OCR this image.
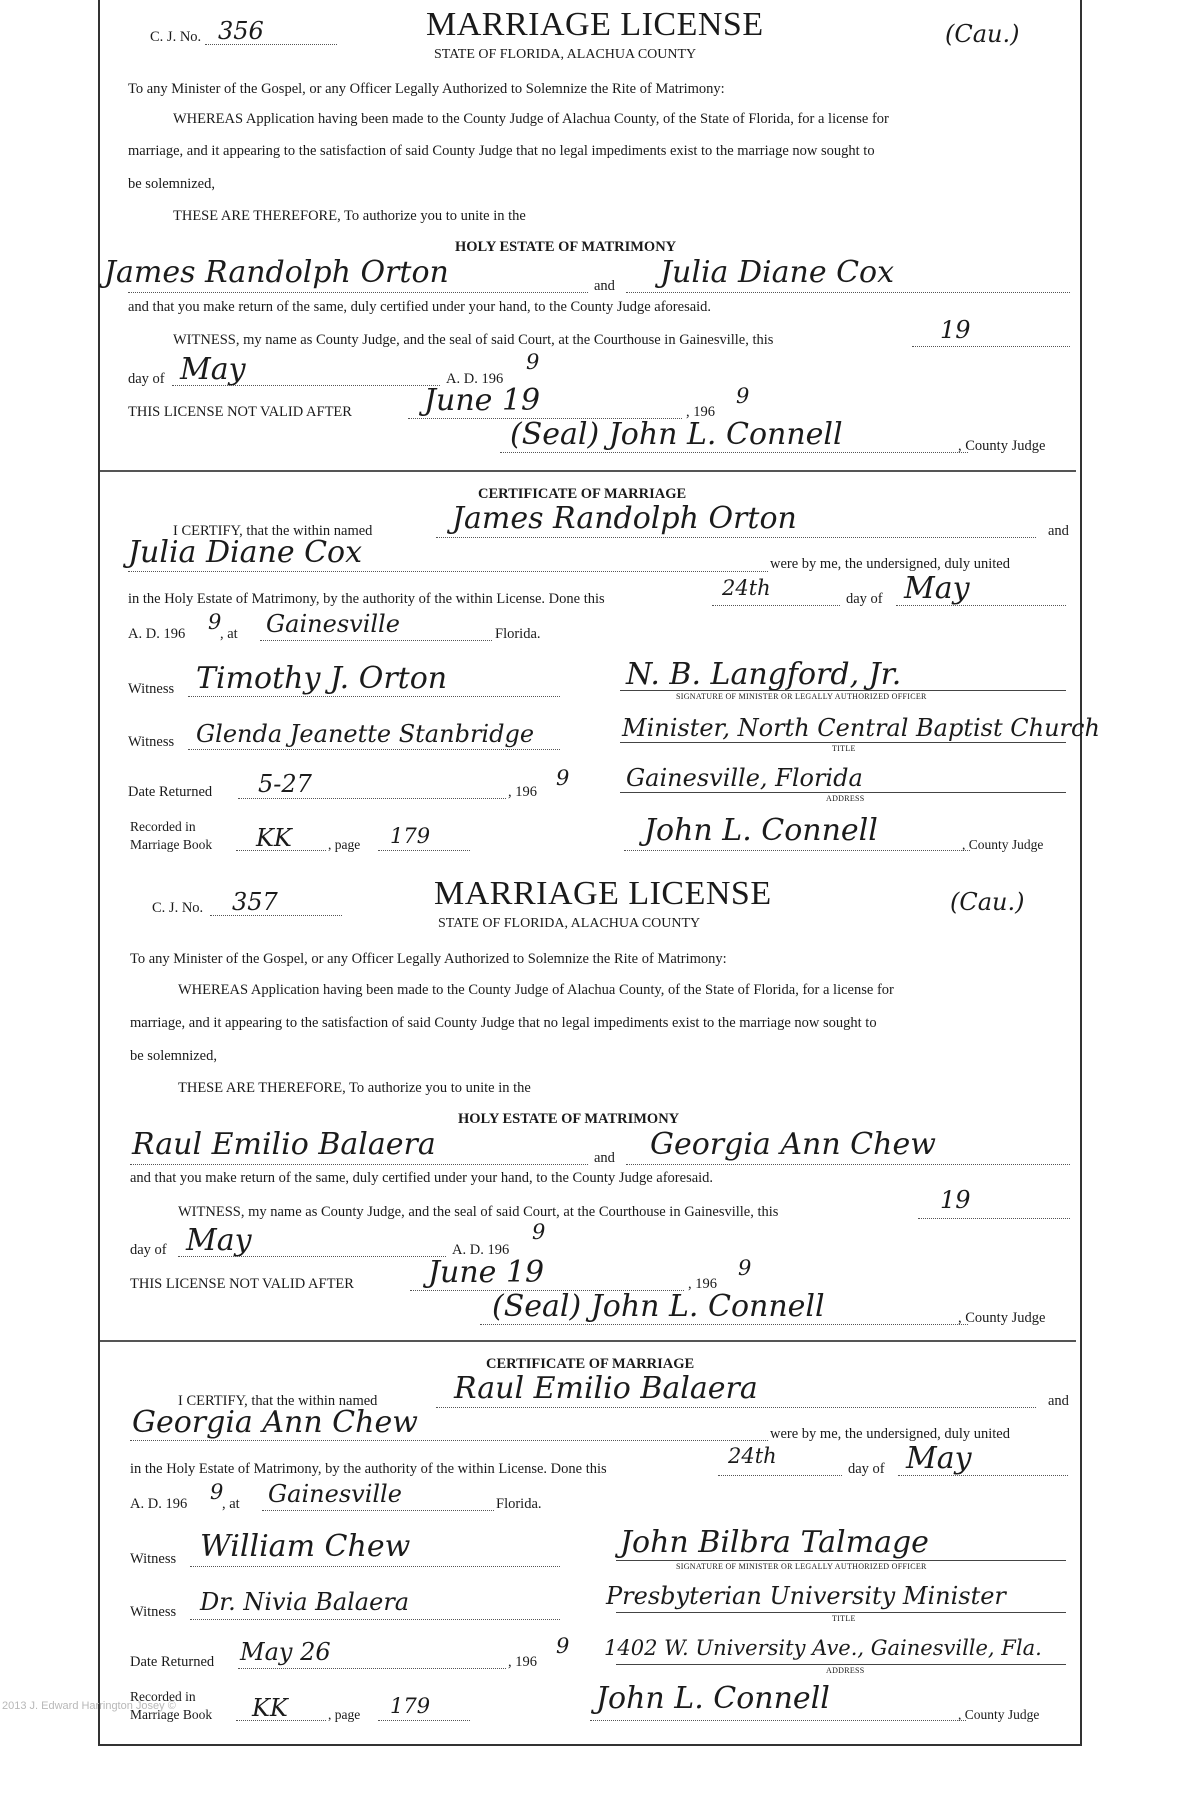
C. J. No. 356	MARRIAGE LICENSE
STATE OF FLORIDA, ALACHUA COUNTY
(Cau.)
To any Minister of the Gospel, or any Officer Legally Authorized to Solemnize the Rite of Matrimony:
WHEREAS Application having been made to the County Judge of Alachua County, of the State of Florida, for a license for
marriage, and it appearing to the satisfaction of said County Judge that no legal impediments exist to the marriage now sought to
be solemnized,
THESE ARE THEREFORE, To authorize you to unite in the
HOLY ESTATE OF MATRIMONY
James Randolph Orton	and Julia Diane Cox
and that you make return of the same, duly certified under your hand, to the County Judge aforesaid.
WITNESS, my name as County Judge, and the seal of said Court, at the Courthouse in Gainesville, this	19
day of May	A. D. 196
9
THIS LICENSE NOT VALID AFTER June 19	, 196
9
(Seal) John L. Connell	, County Judge
CERTIFICATE OF MARRIAGE
I CERTIFY, that the within named	James Randolph Orton	and
Julia Diane Cox	were by me, the undersigned, duly united
in the Holy Estate of Matrimony, by the authority of the within License. Done this	24th	day of May
A. D. 196 9
, at Gainesville	Florida.
Witness Timothy J. Orton	N. B. Langford, Jr.
SIGNATURE OF MINISTER OR LEGALLY AUTHORIZED OFFICER
Witness Glenda Jeanette Stanbridge	Minister, North Central Baptist Church
TITLE
Date Returned 5-27	, 196
9 Gainesville, Florida
ADDRESS
Recorded in
Marriage Book KK	, page 179	John L. Connell	, County Judge
C. J. No. 357	MARRIAGE LICENSE
STATE OF FLORIDA, ALACHUA COUNTY
(Cau.)
To any Minister of the Gospel, or any Officer Legally Authorized to Solemnize the Rite of Matrimony:
WHEREAS Application having been made to the County Judge of Alachua County, of the State of Florida, for a license for
marriage, and it appearing to the satisfaction of said County Judge that no legal impediments exist to the marriage now sought to
be solemnized,
THESE ARE THEREFORE, To authorize you to unite in the
HOLY ESTATE OF MATRIMONY
Raul Emilio Balaera	and Georgia Ann Chew
and that you make return of the same, duly certified under your hand, to the County Judge aforesaid.
WITNESS, my name as County Judge, and the seal of said Court, at the Courthouse in Gainesville, this	19
day of May	A. D. 196
9
THIS LICENSE NOT VALID AFTER June 19	, 196
9
(Seal) John L. Connell	, County Judge
CERTIFICATE OF MARRIAGE
I CERTIFY, that the within named	Raul Emilio Balaera	and
Georgia Ann Chew	were by me, the undersigned, duly united
in the Holy Estate of Matrimony, by the authority of the within License. Done this
24th
day of May
A. D. 196 9
, at Gainesville	Florida.
Witness William Chew	John Bilbra Talmage
SIGNATURE OF MINISTER OR LEGALLY AUTHORIZED OFFICER
Witness Dr. Nivia Balaera	Presbyterian University Minister
TITLE
Date Returned May 26	, 196
9 1402 W. University Ave., Gainesville, Fla.
ADDRESS
Recorded in
Marriage Book KK	, page 179	John L. Connell	, County Judge
2013 J. Edward Harrington Josey ©
